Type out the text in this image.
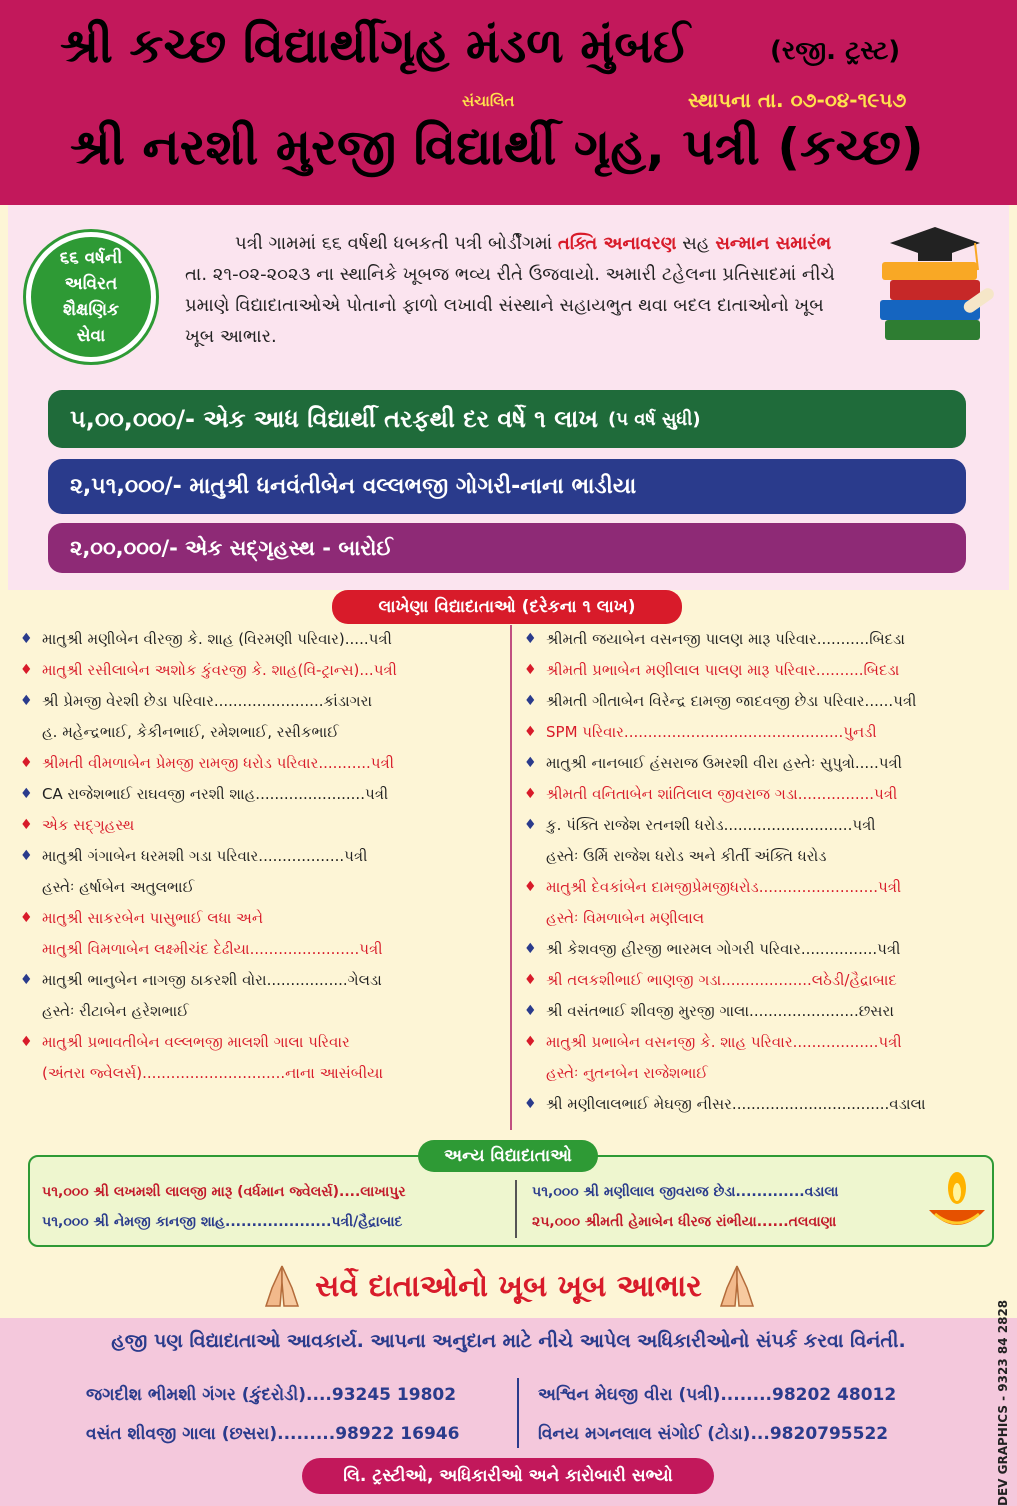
શ્રી કચ્છ વિદ્યાર્થીગૃહ મંડળ મુંબઈ	(રજી. ટ્રસ્ટ)
સંચાલિત	સ્થાપના તા. ૦૭-૦૪-૧૯૫૭
શ્રી નરશી મુરજી વિદ્યાર્થી ગૃહ, પત્રી (કચ્છ)
૬૬ વર્ષની
અવિરત
શૈક્ષણિક
સેવા

પત્રી ગામમાં ૬૬ વર્ષથી ધબકતી પત્રી બોર્ડીંગમાં તક્તિ અનાવરણ સહ સન્માન સમારંભ તા. ૨૧-૦૨-૨૦૨૩ ના સ્થાનિકે ખૂબજ ભવ્ય રીતે ઉજવાયો. અમારી ટહેલના પ્રતિસાદમાં નીચે પ્રમાણે વિદ્યાદાતાઓએ પોતાનો ફાળો લખાવી સંસ્થાને સહાયભુત થવા બદલ દાતાઓનો ખૂબ ખૂબ આભાર.

૫,૦૦,૦૦૦/- એક આધ વિદ્યાર્થી તરફથી દર વર્ષે ૧ લાખ (૫ વર્ષ સુધી)
૨,૫૧,૦૦૦/- માતુશ્રી ધનવંતીબેન વલ્લભજી ગોગરી-નાના ભાડીયા
૨,૦૦,૦૦૦/- એક સદ્ગૃહસ્થ - બારોઈ
લાખેણા વિદ્યાદાતાઓ (દરેકના ૧ લાખ)
♦ માતુશ્રી મણીબેન વીરજી કે. શાહ (વિરમણી પરિવાર).....પત્રી
♦ માતુશ્રી રસીલાબેન અશોક કુંવરજી કે. શાહ(વિ-ટ્રાન્સ)...પત્રી
♦ શ્રી પ્રેમજી વેરશી છેડા પરિવાર.......................કાંડાગરા
હ. મહેન્દ્રભાઈ, કેકીનભાઈ, રમેશભાઈ, રસીકભાઈ
♦ શ્રીમતી વીમળાબેન પ્રેમજી રામજી ધરોડ પરિવાર...........પત્રી
♦ CA રાજેશભાઈ રાઘવજી નરશી શાહ.......................પત્રી
♦ એક સદ્ગૃહસ્થ
♦ માતુશ્રી ગંગાબેન ધરમશી ગડા પરિવાર..................પત્રી
હસ્તેઃ હર્ષાબેન અતુલભાઈ
♦ માતુશ્રી સાકરબેન પાસુભાઈ લધા અને
માતુશ્રી વિમળાબેન લક્ષ્મીચંદ દેઢીયા.......................પત્રી
♦ માતુશ્રી ભાનુબેન નાગજી ઠાકરશી વોરા.................ગેલડા
હસ્તેઃ રીટાબેન હરેશભાઈ
♦ માતુશ્રી પ્રભાવતીબેન વલ્લભજી માલશી ગાલા પરિવાર
(અંતરા જ્વેલર્સ)..............................નાના આસંબીયા
♦ શ્રીમતી જયાબેન વસનજી પાલણ મારૂ પરિવાર...........બિદડા
♦ શ્રીમતી પ્રભાબેન મણીલાલ પાલણ મારૂ પરિવાર..........બિદડા
♦ શ્રીમતી ગીતાબેન વિરેન્દ્ર દામજી જાદવજી છેડા પરિવાર......પત્રી
♦ SPM પરિવાર..............................................પુનડી
♦ માતુશ્રી નાનબાઈ હંસરાજ ઉમરશી વીરા હસ્તેઃ સુપુત્રો.....પત્રી
♦ શ્રીમતી વનિતાબેન શાંતિલાલ જીવરાજ ગડા................પત્રી
♦ કુ. પંક્તિ રાજેશ રતનશી ધરોડ...........................પત્રી
હસ્તેઃ ઉર્મિ રાજેશ ધરોડ અને કીર્તી અંક્તિ ધરોડ
♦ માતુશ્રી દેવકાંબેન દામજીપ્રેમજીધરોડ.........................પત્રી
હસ્તેઃ વિમળાબેન મણીલાલ
♦ શ્રી કેશવજી હીરજી ભારમલ ગોગરી પરિવાર................પત્રી
♦ શ્રી તલકશીભાઈ ભાણજી ગડા...................લઠેડી/હૈદ્રાબાદ
♦ શ્રી વસંતભાઈ શીવજી મુરજી ગાલા.......................છસરા
♦ માતુશ્રી પ્રભાબેન વસનજી કે. શાહ પરિવાર..................પત્રી
હસ્તેઃ નુતનબેન રાજેશભાઈ
♦ શ્રી મણીલાલભાઈ મેઘજી નીસર.................................વડાલા
અન્ય વિદ્યાદાતાઓ
૫૧,૦૦૦ શ્રી લખમશી લાલજી મારૂ (વર્ધમાન જ્વેલર્સ)....લાખાપુર
૫૧,૦૦૦ શ્રી નેમજી કાનજી શાહ....................પત્રી/હૈદ્રાબાદ
૫૧,૦૦૦ શ્રી મણીલાલ જીવરાજ છેડા.............વડાલા
૨૫,૦૦૦ શ્રીમતી હેમાબેન ધીરજ રાંભીયા......તલવાણા
સર્વે દાતાઓનો ખૂબ ખૂબ આભાર
હજી પણ વિદ્યાદાતાઓ આવકાર્ય. આપના અનુદાન માટે નીચે આપેલ અધિકારીઓનો સંપર્ક કરવા વિનંતી.
જગદીશ ભીમશી ગંગર (કુંદરોડી)....93245 19802
વસંત શીવજી ગાલા (છસરા).........98922 16946
અશ્વિન મેઘજી વીરા (પત્રી)........98202 48012
વિનય મગનલાલ સંગોઈ (ટોડા)...9820795522
લિ. ટ્રસ્ટીઓ, અધિકારીઓ અને કારોબારી સભ્યો	DEV GRAPHICS - 9323 84 2828
